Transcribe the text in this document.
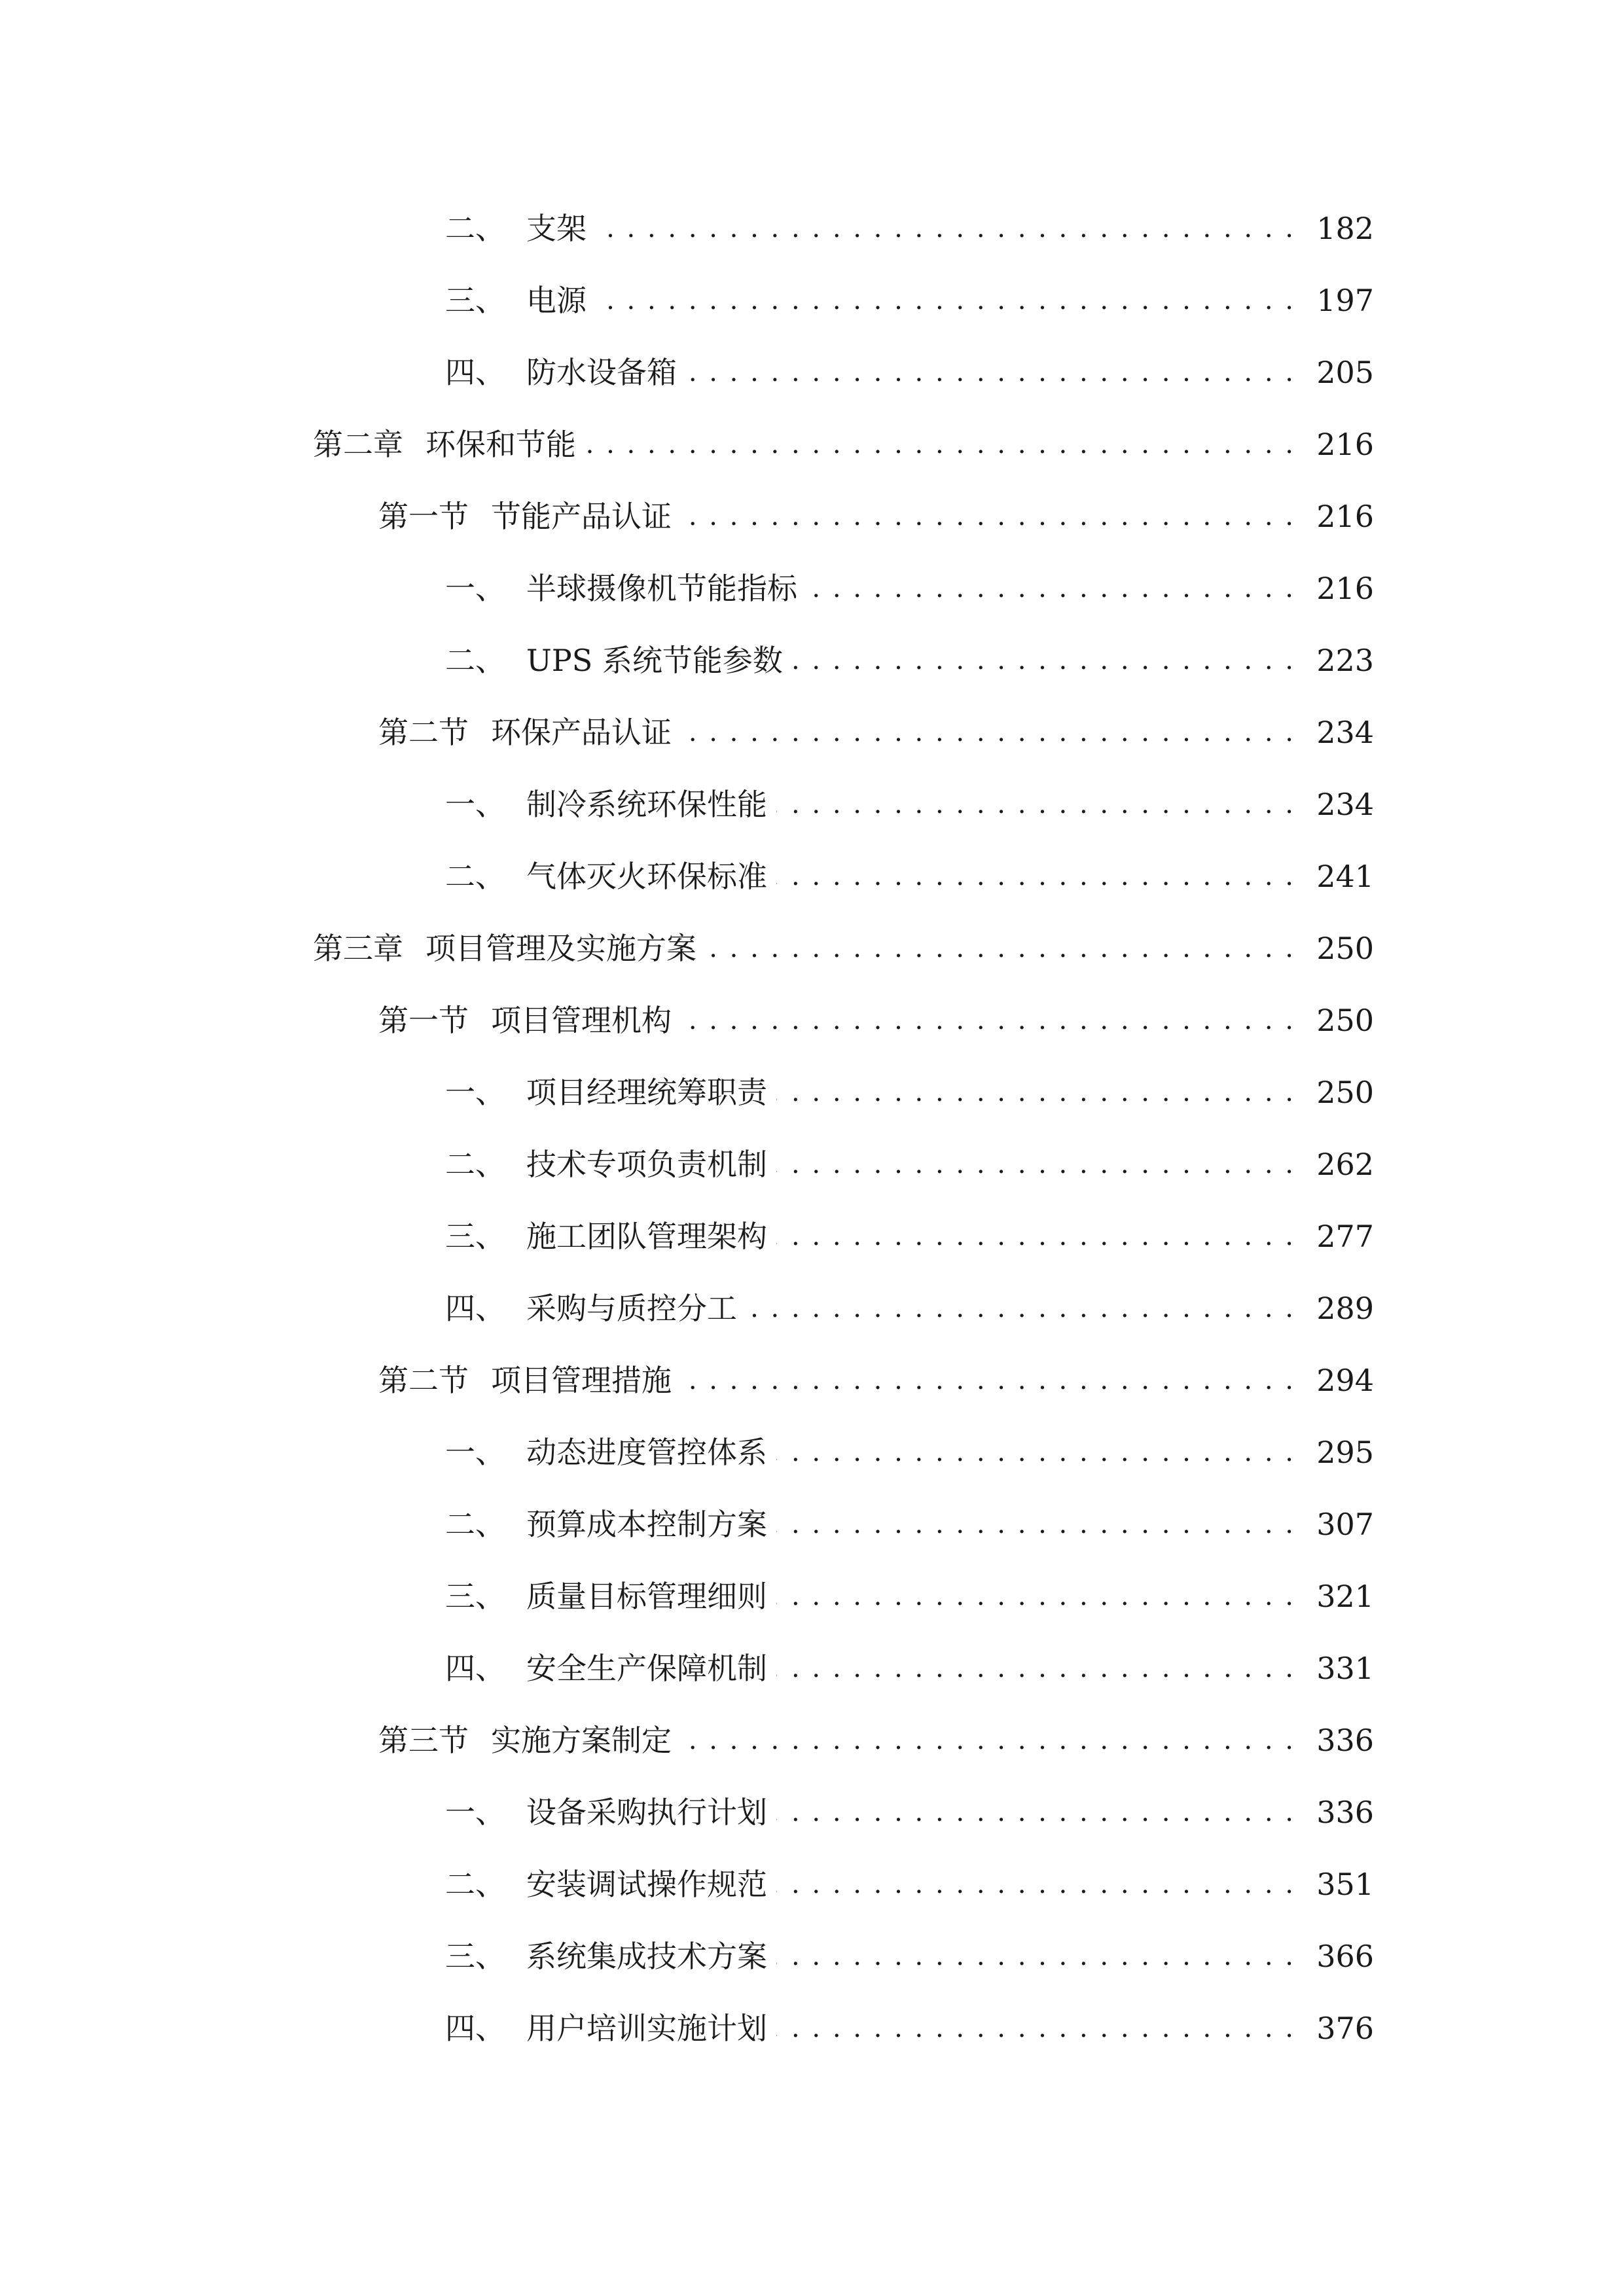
二、 支架 . . .	182
三、 电源 . . .	197
四、 防水设备箱 . . .	205
第二章 环保和节能 . . .	216
第一节 节能产品认证 . . .	216
一、 半球摄像机节能指标 . . .	216
二、 UPS 系统节能参数 . . .	223
第二节 环保产品认证 . . .	234
一、 制冷系统环保性能 . . .	234
二、 气体灭火环保标准 . . .	241
第三章 项目管理及实施方案 . . .	250
第一节 项目管理机构 . . .	250
一、 项目经理统筹职责 . . .	250
二、 技术专项负责机制 . . .	262
三、 施工团队管理架构 . . .	277
四、 采购与质控分工 . . .	289
第二节 项目管理措施 . . .	294
一、 动态进度管控体系 . . .	295
二、 预算成本控制方案 . . .	307
三、 质量目标管理细则 . . .	321
四、 安全生产保障机制 . . .	331
第三节 实施方案制定 . . .	336
一、 设备采购执行计划 . . .	336
二、 安装调试操作规范 . . .	351
三、 系统集成技术方案 . . .	366
四、 用户培训实施计划 . . .	376
